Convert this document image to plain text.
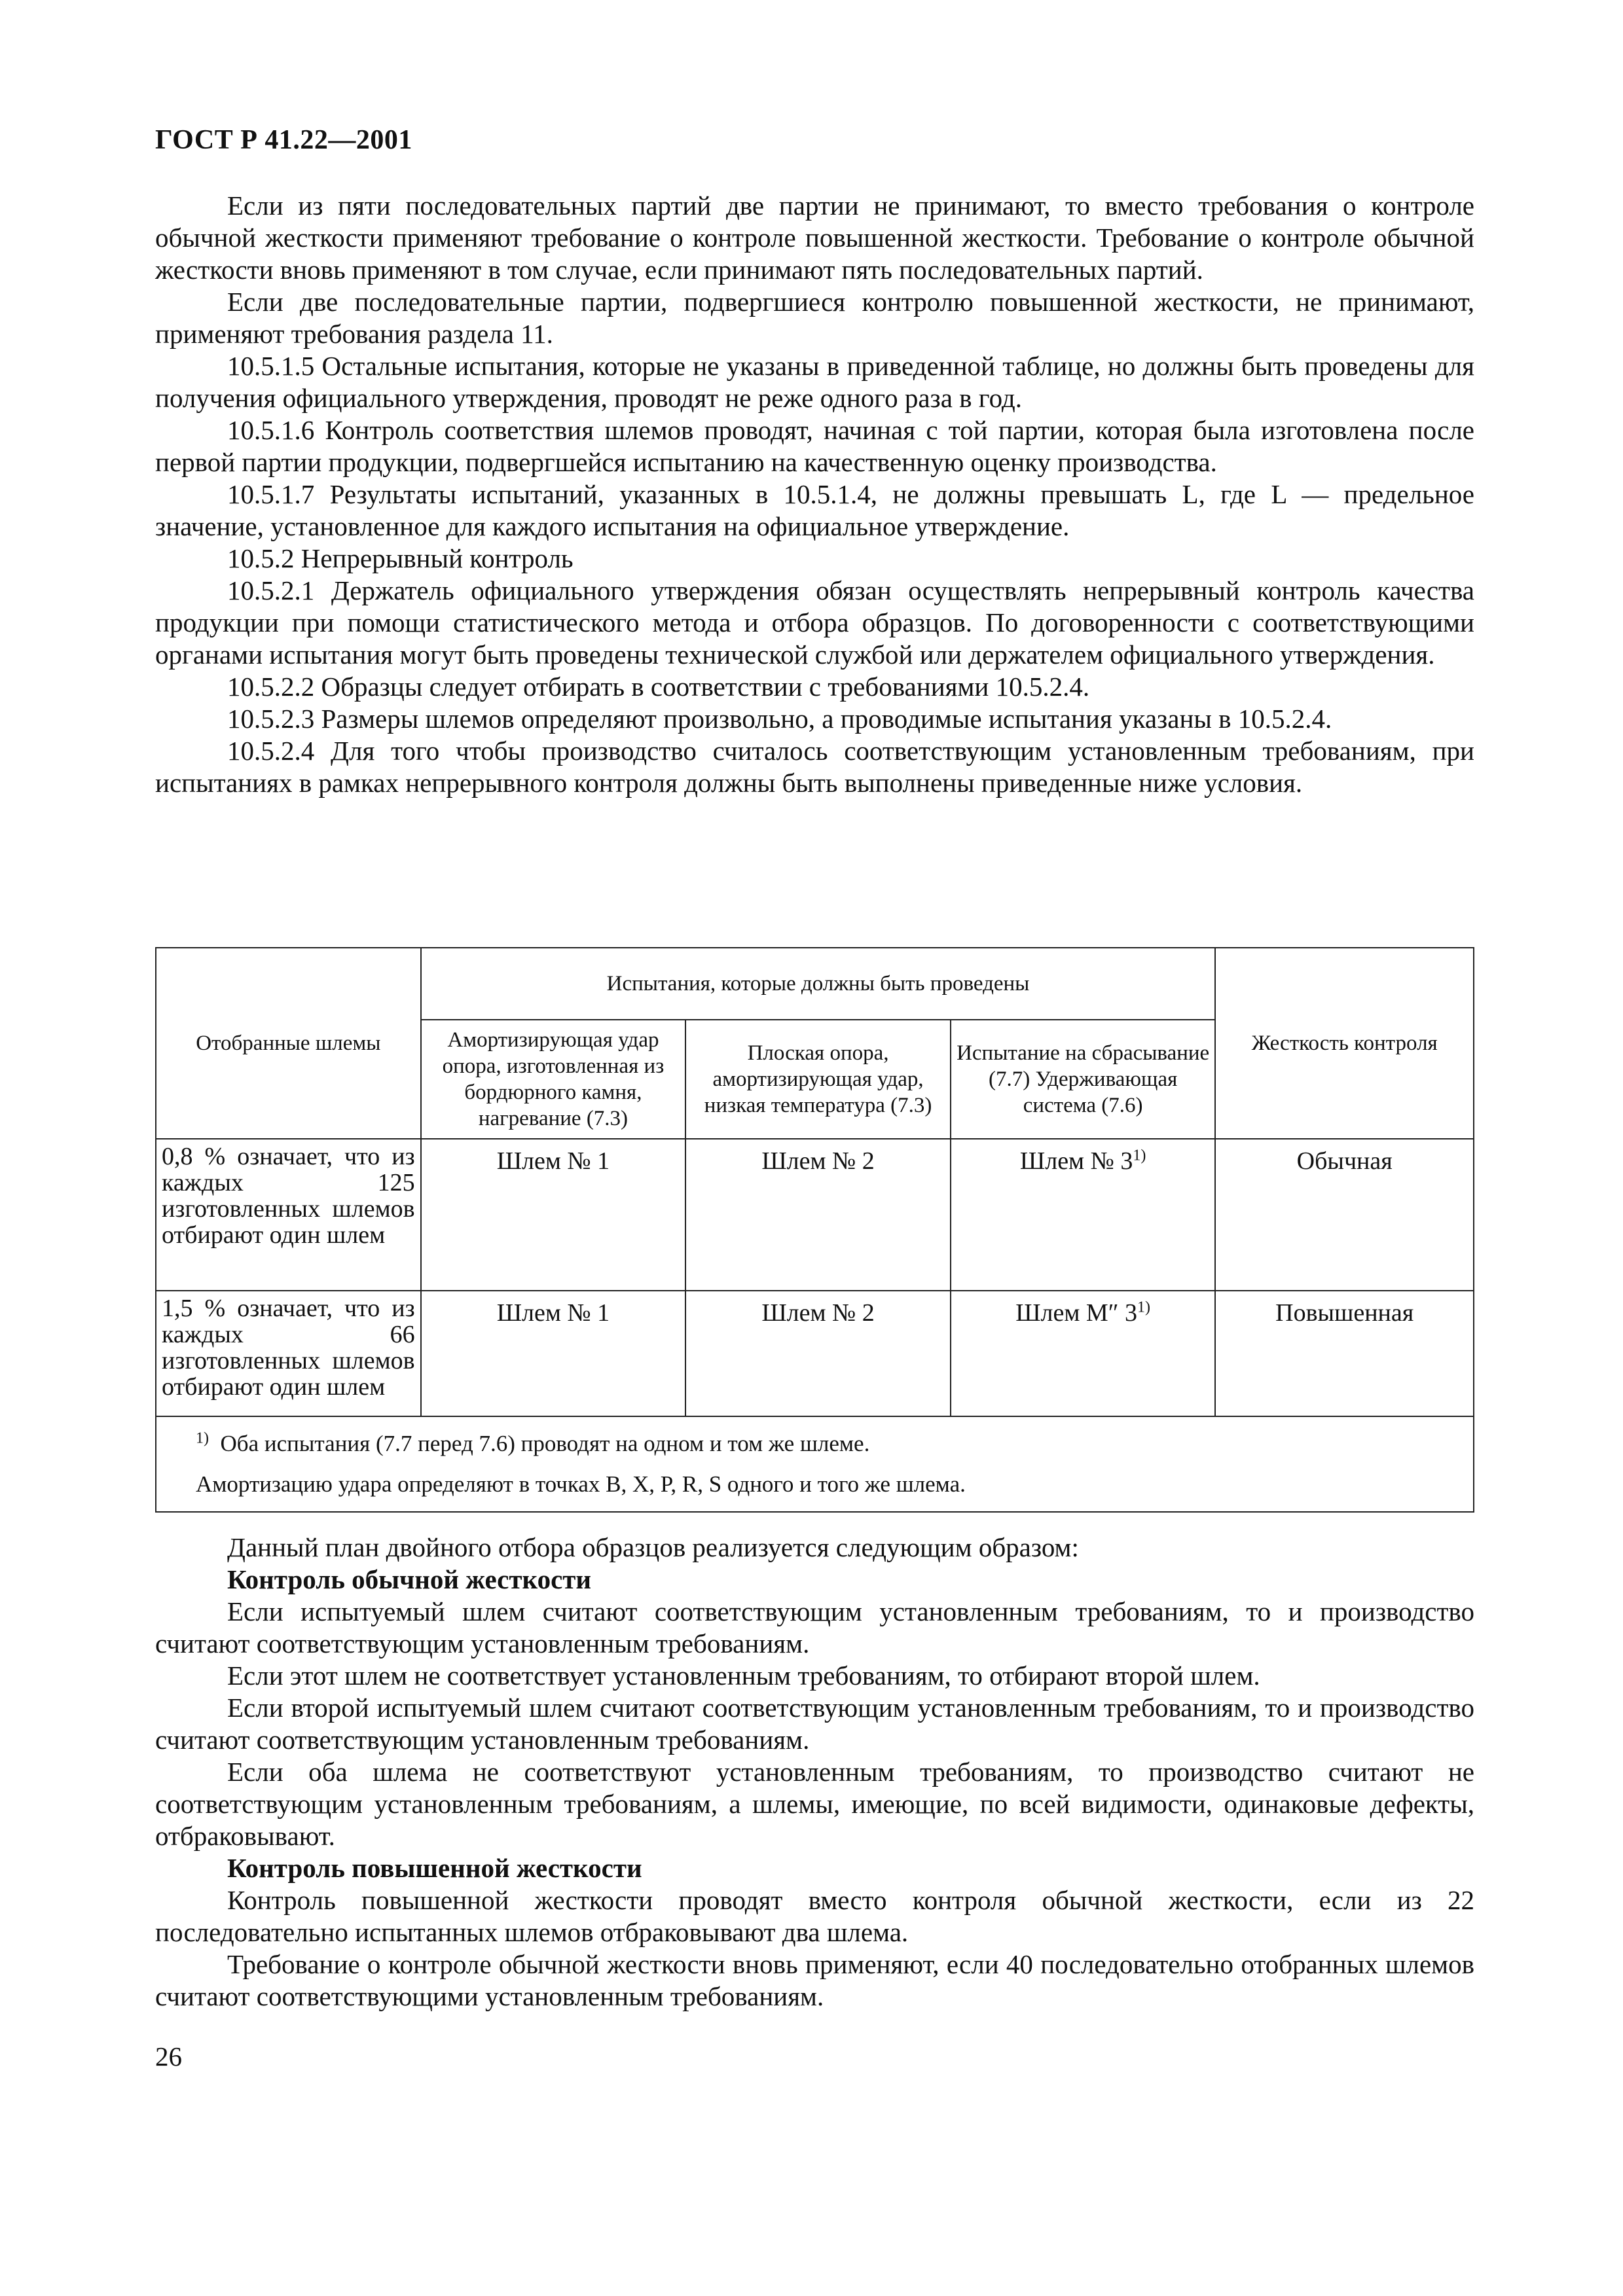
ГОСТ Р 41.22—2001

Если из пяти последовательных партий две партии не принимают, то вместо требования о контроле обычной жесткости применяют требование о контроле повышенной жесткости. Требование о контроле обычной жесткости вновь применяют в том случае, если принимают пять последовательных партий.

Если две последовательные партии, подвергшиеся контролю повышенной жесткости, не принимают, применяют требования раздела 11.

10.5.1.5 Остальные испытания, которые не указаны в приведенной таблице, но должны быть проведены для получения официального утверждения, проводят не реже одного раза в год.

10.5.1.6 Контроль соответствия шлемов проводят, начиная с той партии, которая была изготовлена после первой партии продукции, подвергшейся испытанию на качественную оценку производства.

10.5.1.7 Результаты испытаний, указанных в 10.5.1.4, не должны превышать L, где L — предельное значение, установленное для каждого испытания на официальное утверждение.

10.5.2 Непрерывный контроль

10.5.2.1 Держатель официального утверждения обязан осуществлять непрерывный контроль качества продукции при помощи статистического метода и отбора образцов. По договоренности с соответствующими органами испытания могут быть проведены технической службой или держателем официального утверждения.

10.5.2.2 Образцы следует отбирать в соответствии с требованиями 10.5.2.4.

10.5.2.3 Размеры шлемов определяют произвольно, а проводимые испытания указаны в 10.5.2.4.

10.5.2.4 Для того чтобы производство считалось соответствующим установленным требованиям, при испытаниях в рамках непрерывного контроля должны быть выполнены приведенные ниже условия.

Отобранные шлемы	Испытания, которые должны быть проведены			Жесткость контроля
	Амортизирующая удар опора, изготовленная из бордюрного камня, нагревание (7.3)	Плоская опора, амортизирующая удар, низкая температура (7.3)	Испытание на сбрасывание (7.7) Удерживающая система (7.6)	
0,8 % означает, что из каждых 125 изготовленных шлемов отбирают один шлем	Шлем № 1	Шлем № 2	Шлем № 3$^{1)}$	Обычная
1,5 % означает, что из каждых 66 изготовленных шлемов отбирают один шлем	Шлем № 1	Шлем № 2	Шлем М″ 3$^{1)}$	Повышенная

$^{1)}$ Оба испытания (7.7 перед 7.6) проводят на одном и том же шлеме.
Амортизацию удара определяют в точках B, X, P, R, S одного и того же шлема.				

Данный план двойного отбора образцов реализуется следующим образом:

Контроль обычной жесткости

Если испытуемый шлем считают соответствующим установленным требованиям, то и производство считают соответствующим установленным требованиям.

Если этот шлем не соответствует установленным требованиям, то отбирают второй шлем.

Если второй испытуемый шлем считают соответствующим установленным требованиям, то и производство считают соответствующим установленным требованиям.

Если оба шлема не соответствуют установленным требованиям, то производство считают не соответствующим установленным требованиям, а шлемы, имеющие, по всей видимости, одинаковые дефекты, отбраковывают.

Контроль повышенной жесткости

Контроль повышенной жесткости проводят вместо контроля обычной жесткости, если из 22 последовательно испытанных шлемов отбраковывают два шлема.

Требование о контроле обычной жесткости вновь применяют, если 40 последовательно отобранных шлемов считают соответствующими установленным требованиям.

26
